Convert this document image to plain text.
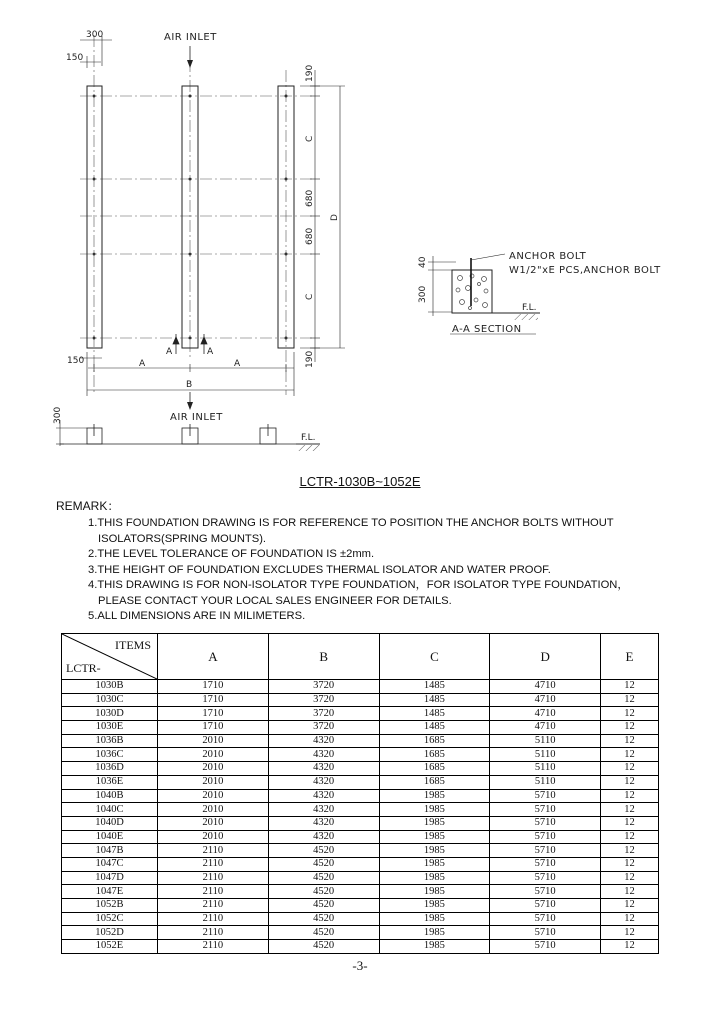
300
150
AIR INLET
190
C
680
680
C
190
D
A	A
150	A	A
B
AIR INLET
300
F.L.
40
300
ANCHOR BOLT
W1/2"xE PCS,ANCHOR BOLT
F.L.
A-A SECTION
LCTR-1030B~1052E
REMARK：
1.THIS FOUNDATION DRAWING IS FOR REFERENCE TO POSITION THE ANCHOR BOLTS WITHOUT
ISOLATORS(SPRING MOUNTS).
2.THE LEVEL TOLERANCE OF FOUNDATION IS ±2mm.
3.THE HEIGHT OF FOUNDATION EXCLUDES THERMAL ISOLATOR AND WATER PROOF.
4.THIS DRAWING IS FOR NON-ISOLATOR TYPE FOUNDATION，FOR ISOLATOR TYPE FOUNDATION，
PLEASE CONTACT YOUR LOCAL SALES ENGINEER FOR DETAILS.
5.ALL DIMENSIONS ARE IN MILIMETERS.
ITEMS
LCTR-	A	B	C	D	E
1030B	1710	3720	1485	4710	12
1030C	1710	3720	1485	4710	12
1030D	1710	3720	1485	4710	12
1030E	1710	3720	1485	4710	12
1036B	2010	4320	1685	5110	12
1036C	2010	4320	1685	5110	12
1036D	2010	4320	1685	5110	12
1036E	2010	4320	1685	5110	12
1040B	2010	4320	1985	5710	12
1040C	2010	4320	1985	5710	12
1040D	2010	4320	1985	5710	12
1040E	2010	4320	1985	5710	12
1047B	2110	4520	1985	5710	12
1047C	2110	4520	1985	5710	12
1047D	2110	4520	1985	5710	12
1047E	2110	4520	1985	5710	12
1052B	2110	4520	1985	5710	12
1052C	2110	4520	1985	5710	12
1052D	2110	4520	1985	5710	12
1052E	2110	4520	1985	5710	12
-3-
